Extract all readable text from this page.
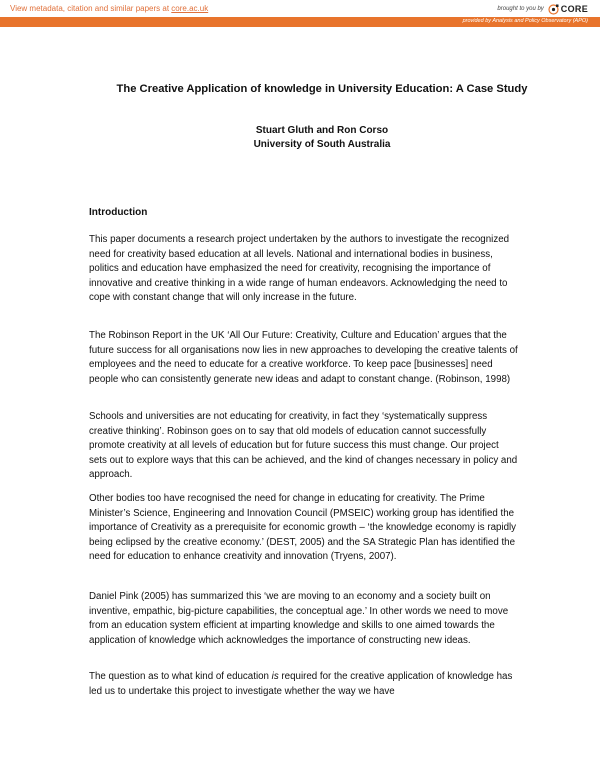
View metadata, citation and similar papers at core.ac.uk	brought to you by CORE
provided by Analysis and Policy Observatory (APO)
The Creative Application of knowledge in University Education: A Case Study
Stuart Gluth and Ron Corso
University of South Australia
Introduction

This paper documents a research project undertaken by the authors to investigate the recognized need for creativity based education at all levels. National and international bodies in business, politics and education have emphasized the need for creativity, recognising the importance of innovative and creative thinking in a wide range of human endeavors. Acknowledging the need to cope with constant change that will only increase in the future.

The Robinson Report in the UK ‘All Our Future: Creativity, Culture and Education’ argues that the future success for all organisations now lies in new approaches to developing the creative talents of employees and the need to educate for a creative workforce. To keep pace [businesses] need people who can consistently generate new ideas and adapt to constant change. (Robinson, 1998)

Schools and universities are not educating for creativity, in fact they ‘systematically suppress creative thinking’. Robinson goes on to say that old models of education cannot successfully promote creativity at all levels of education but for future success this must change. Our project sets out to explore ways that this can be achieved, and the kind of changes necessary in policy and approach.

Other bodies too have recognised the need for change in educating for creativity. The Prime Minister’s Science, Engineering and Innovation Council (PMSEIC) working group has identified the importance of Creativity as a prerequisite for economic growth – ‘the knowledge economy is rapidly being eclipsed by the creative economy.’ (DEST, 2005) and the SA Strategic Plan has identified the need for education to enhance creativity and innovation (Tryens, 2007).

Daniel Pink (2005) has summarized this ‘we are moving to an economy and a society built on inventive, empathic, big-picture capabilities, the conceptual age.’ In other words we need to move from an education system efficient at imparting knowledge and skills to one aimed towards the application of knowledge which acknowledges the importance of constructing new ideas.

The question as to what kind of education is required for the creative application of knowledge has led us to undertake this project to investigate whether the way we have
